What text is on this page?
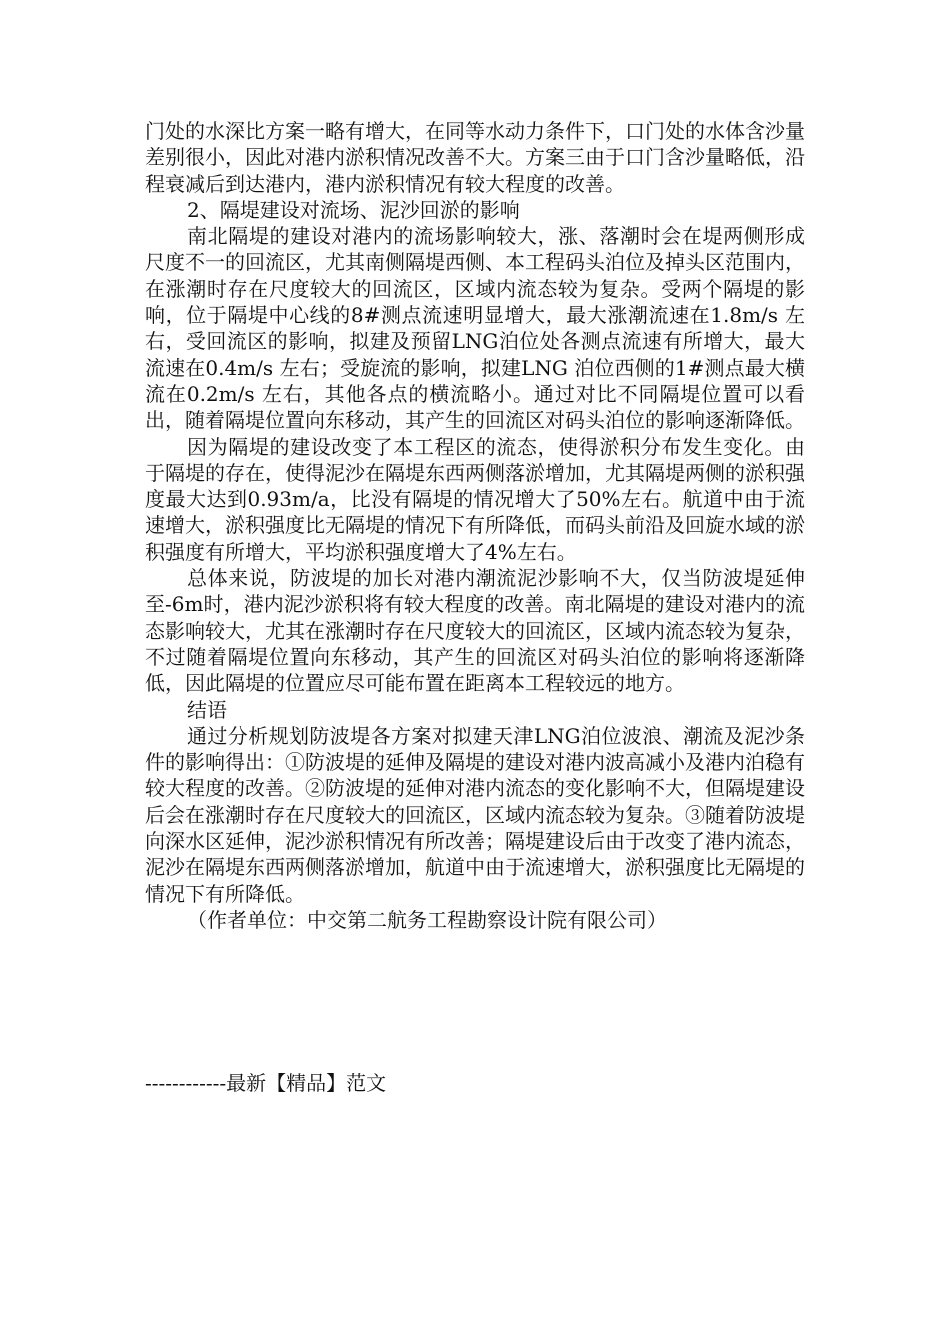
门处的水深比方案一略有增大，在同等水动力条件下，口门处的水体含沙量差别很小，因此对港内淤积情况改善不大。方案三由于口门含沙量略低，沿程衰减后到达港内，港内淤积情况有较大程度的改善。

2、隔堤建设对流场、泥沙回淤的影响

南北隔堤的建设对港内的流场影响较大，涨、落潮时会在堤两侧形成尺度不一的回流区，尤其南侧隔堤西侧、本工程码头泊位及掉头区范围内，在涨潮时存在尺度较大的回流区，区域内流态较为复杂。受两个隔堤的影响，位于隔堤中心线的8#测点流速明显增大，最大涨潮流速在1.8m/s 左右，受回流区的影响，拟建及预留LNG泊位处各测点流速有所增大，最大流速在0.4m/s 左右；受旋流的影响，拟建LNG 泊位西侧的1#测点最大横流在0.2m/s 左右，其他各点的横流略小。通过对比不同隔堤位置可以看出，随着隔堤位置向东移动，其产生的回流区对码头泊位的影响逐渐降低。

因为隔堤的建设改变了本工程区的流态，使得淤积分布发生变化。由于隔堤的存在，使得泥沙在隔堤东西两侧落淤增加，尤其隔堤两侧的淤积强度最大达到0.93m/a，比没有隔堤的情况增大了50%左右。航道中由于流速增大，淤积强度比无隔堤的情况下有所降低，而码头前沿及回旋水域的淤积强度有所增大，平均淤积强度增大了4%左右。

总体来说，防波堤的加长对港内潮流泥沙影响不大，仅当防波堤延伸至-6m时，港内泥沙淤积将有较大程度的改善。南北隔堤的建设对港内的流态影响较大，尤其在涨潮时存在尺度较大的回流区，区域内流态较为复杂，不过随着隔堤位置向东移动，其产生的回流区对码头泊位的影响将逐渐降低，因此隔堤的位置应尽可能布置在距离本工程较远的地方。

结语

通过分析规划防波堤各方案对拟建天津LNG泊位波浪、潮流及泥沙条件的影响得出：①防波堤的延伸及隔堤的建设对港内波高减小及港内泊稳有较大程度的改善。②防波堤的延伸对港内流态的变化影响不大，但隔堤建设后会在涨潮时存在尺度较大的回流区，区域内流态较为复杂。③随着防波堤向深水区延伸，泥沙淤积情况有所改善；隔堤建设后由于改变了港内流态，泥沙在隔堤东西两侧落淤增加，航道中由于流速增大，淤积强度比无隔堤的情况下有所降低。

（作者单位：中交第二航务工程勘察设计院有限公司）

------------最新【精品】范文
